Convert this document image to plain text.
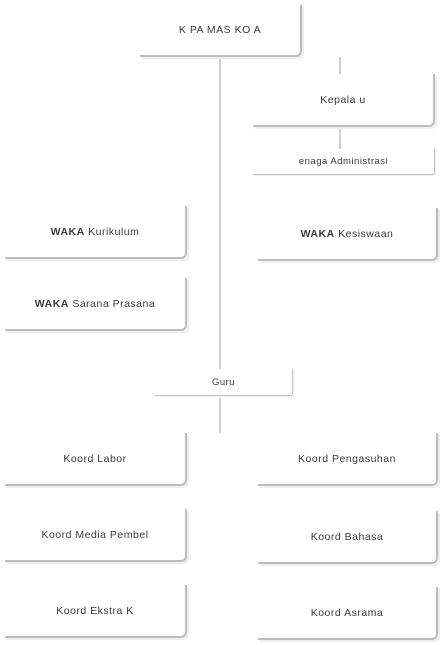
K PA MAS KO A
Kepala u
enaga Administrasi
WAKA
Kurikulum	WAKA
Kesiswaan
WAKA
Sarana Prasana
Guru
Koord Labor	Koord Pengasuhan
Koord Media Pembel	Koord Bahasa
Koord Ekstra K	Koord Asrama
